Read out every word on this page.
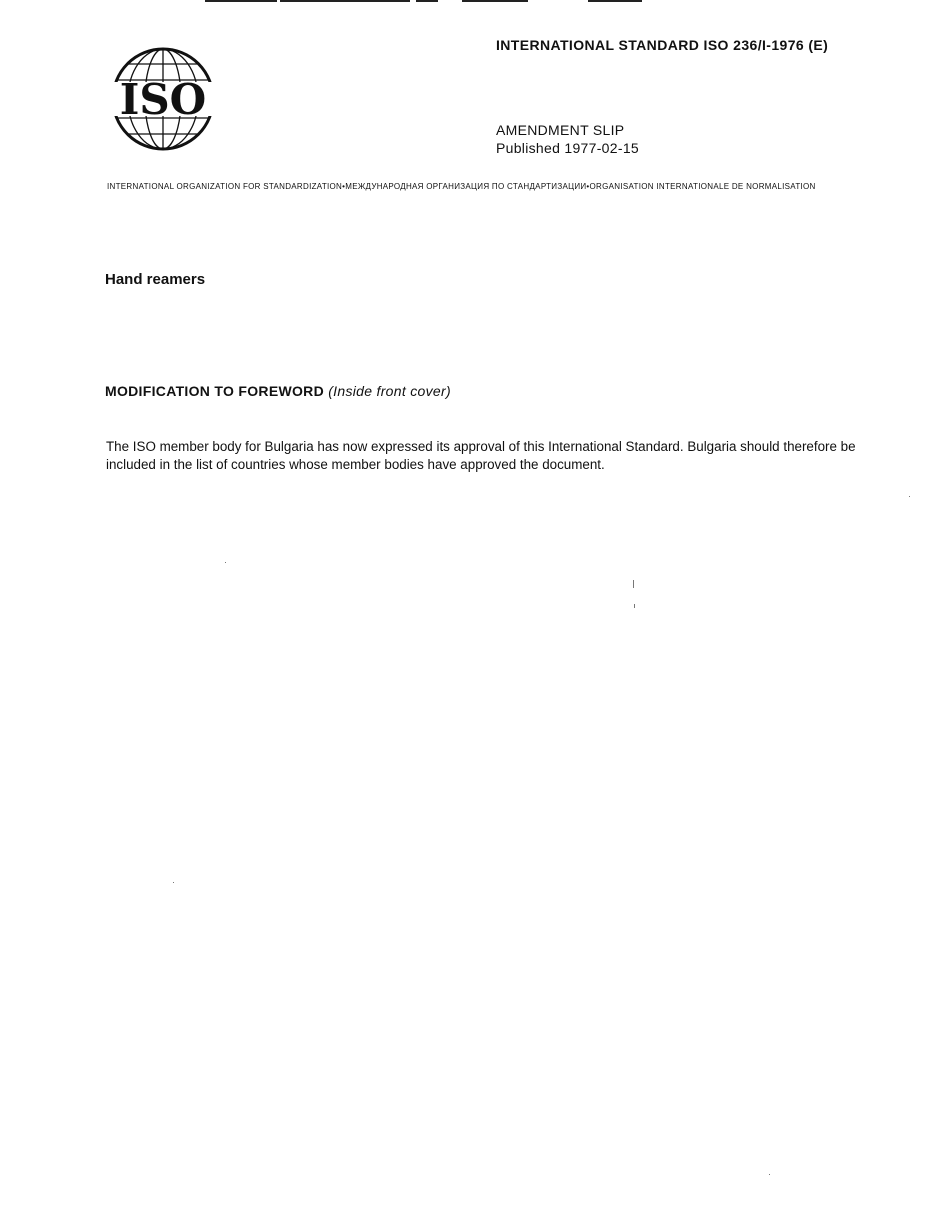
ISO
INTERNATIONAL STANDARD ISO 236/I-1976 (E)
AMENDMENT SLIP
Published 1977-02-15
INTERNATIONAL ORGANIZATION FOR STANDARDIZATION•МЕЖДУНАРОДНАЯ ОРГАНИЗАЦИЯ ПО СТАНДАРТИЗАЦИИ•ORGANISATION INTERNATIONALE DE NORMALISATION
Hand reamers
MODIFICATION TO FOREWORD (Inside front cover)
The ISO member body for Bulgaria has now expressed its approval of this International Standard. Bulgaria should therefore be included in the list of countries whose member bodies have approved the document.
